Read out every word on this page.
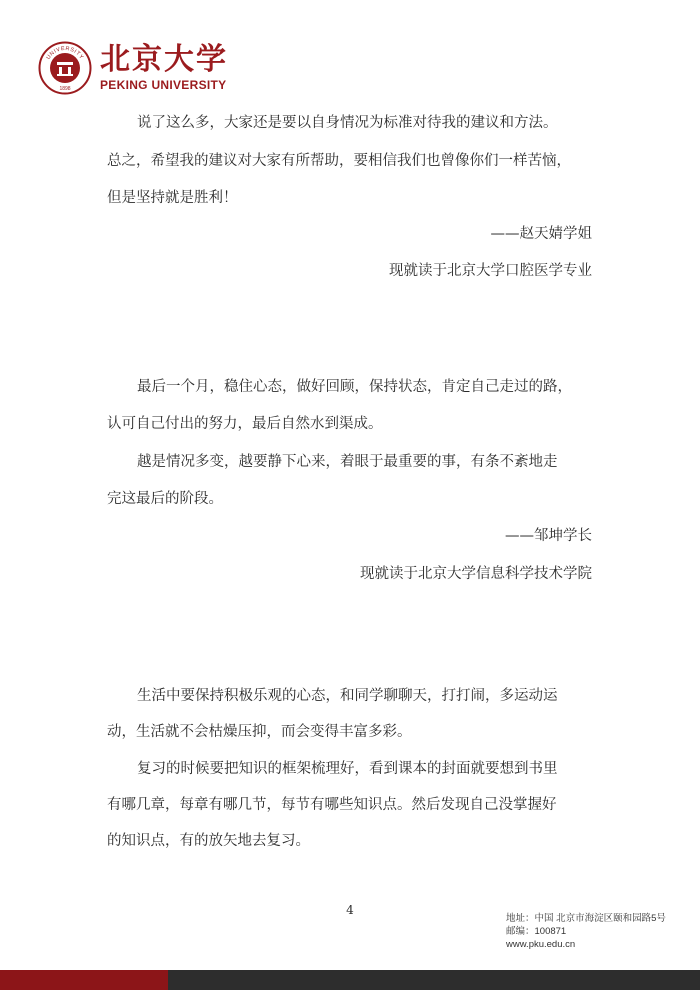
UNIVERSITY
1898
北京大学
PEKING UNIVERSITY
说了这么多，大家还是要以自身情况为标准对待我的建议和方法。
总之，希望我的建议对大家有所帮助，要相信我们也曾像你们一样苦恼，
但是坚持就是胜利！
——赵天婧学姐
现就读于北京大学口腔医学专业
最后一个月，稳住心态，做好回顾，保持状态，肯定自己走过的路，
认可自己付出的努力，最后自然水到渠成。
越是情况多变，越要静下心来，着眼于最重要的事，有条不紊地走
完这最后的阶段。
——邹坤学长
现就读于北京大学信息科学技术学院
生活中要保持积极乐观的心态，和同学聊聊天，打打闹，多运动运
动，生活就不会枯燥压抑，而会变得丰富多彩。
复习的时候要把知识的框架梳理好，看到课本的封面就要想到书里
有哪几章，每章有哪几节，每节有哪些知识点。然后发现自己没掌握好
的知识点，有的放矢地去复习。
4
地址：中国 北京市海淀区颐和园路5号
邮编：100871
www.pku.edu.cn
